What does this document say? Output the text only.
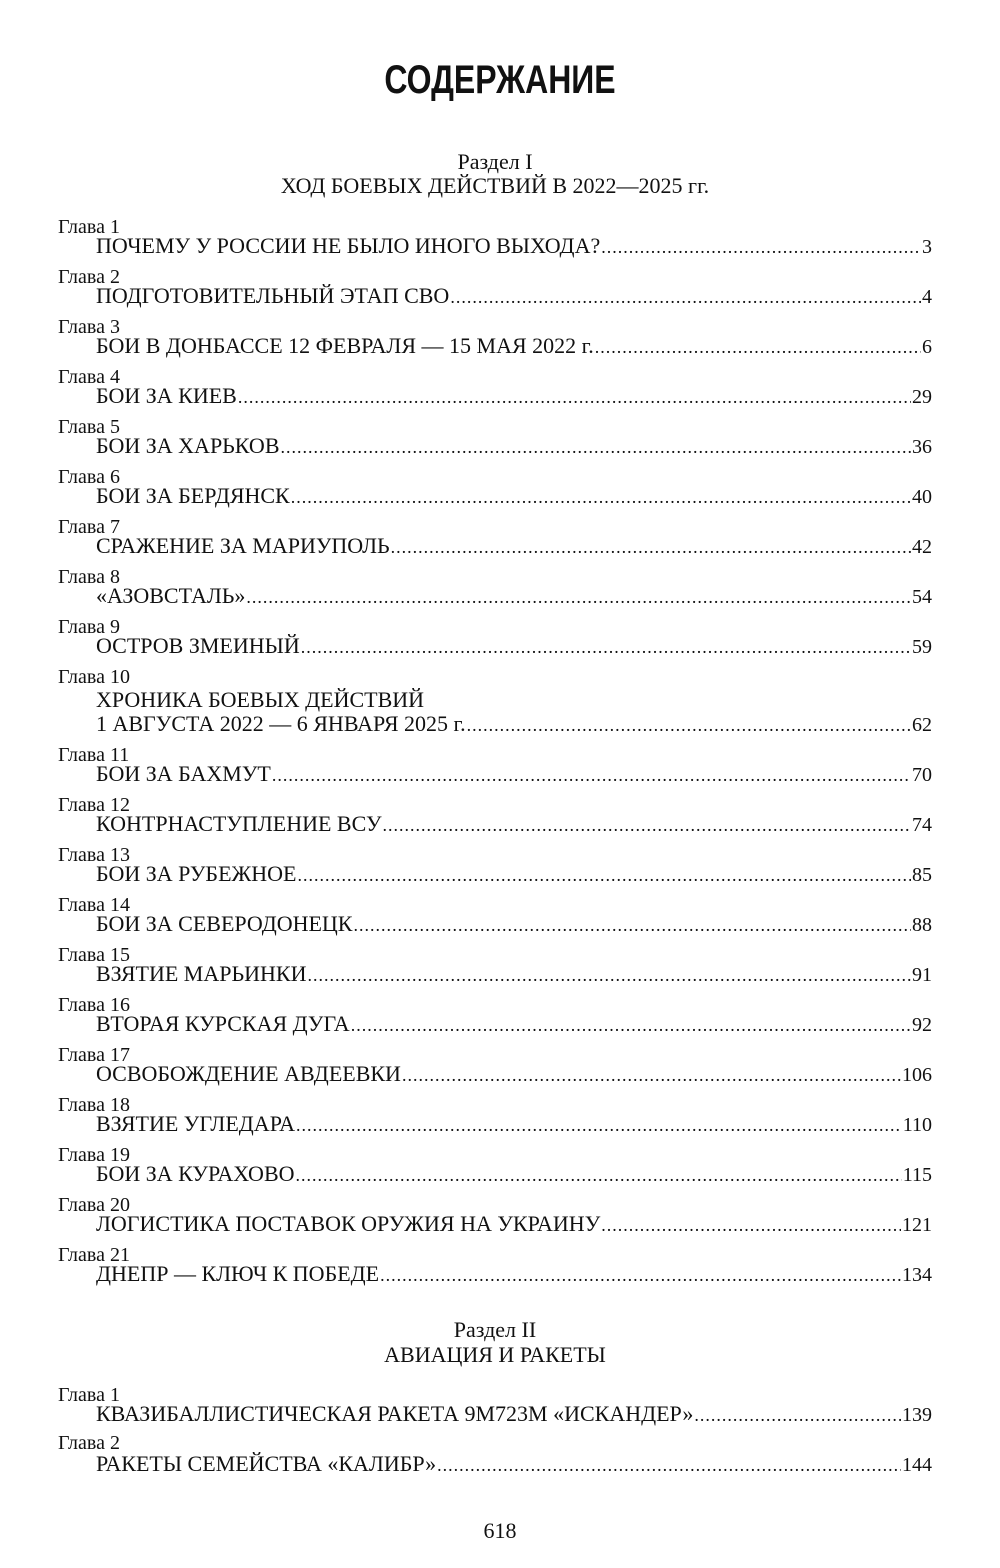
СОДЕРЖАНИЕ
Раздел I
ХОД БОЕВЫХ ДЕЙСТВИЙ В 2022—2025 гг.
Глава 1
ПОЧЕМУ У РОССИИ НЕ БЫЛО ИНОГО ВЫХОДА? .....	3
Глава 2
ПОДГОТОВИТЕЛЬНЫЙ ЭТАП СВО .....	4
Глава 3
БОИ В ДОНБАССЕ 12 ФЕВРАЛЯ — 15 МАЯ 2022 г. .....	6
Глава 4
БОИ ЗА КИЕВ .....	29
Глава 5
БОИ ЗА ХАРЬКОВ .....	36
Глава 6
БОИ ЗА БЕРДЯНСК .....	40
Глава 7
СРАЖЕНИЕ ЗА МАРИУПОЛЬ .....	42
Глава 8
«АЗОВСТАЛЬ» .....	54
Глава 9
ОСТРОВ ЗМЕИНЫЙ .....	59
Глава 10
ХРОНИКА БОЕВЫХ ДЕЙСТВИЙ
1 АВГУСТА 2022 — 6 ЯНВАРЯ 2025 г. .....	62
Глава 11
БОИ ЗА БАХМУТ .....	70
Глава 12
КОНТРНАСТУПЛЕНИЕ ВСУ .....	74
Глава 13
БОИ ЗА РУБЕЖНОЕ .....	85
Глава 14
БОИ ЗА СЕВЕРОДОНЕЦК .....	88
Глава 15
ВЗЯТИЕ МАРЬИНКИ .....	91
Глава 16
ВТОРАЯ КУРСКАЯ ДУГА .....	92
Глава 17
ОСВОБОЖДЕНИЕ АВДЕЕВКИ .....	106
Глава 18
ВЗЯТИЕ УГЛЕДАРА .....	110
Глава 19
БОИ ЗА КУРАХОВО .....	115
Глава 20
ЛОГИСТИКА ПОСТАВОК ОРУЖИЯ НА УКРАИНУ .....	121
Глава 21
ДНЕПР — КЛЮЧ К ПОБЕДЕ .....	134
Раздел II
АВИАЦИЯ И РАКЕТЫ
Глава 1
КВАЗИБАЛЛИСТИЧЕСКАЯ РАКЕТА 9М723М «ИСКАНДЕР» .....	139
Глава 2
РАКЕТЫ СЕМЕЙСТВА «КАЛИБР» .....	144
618
